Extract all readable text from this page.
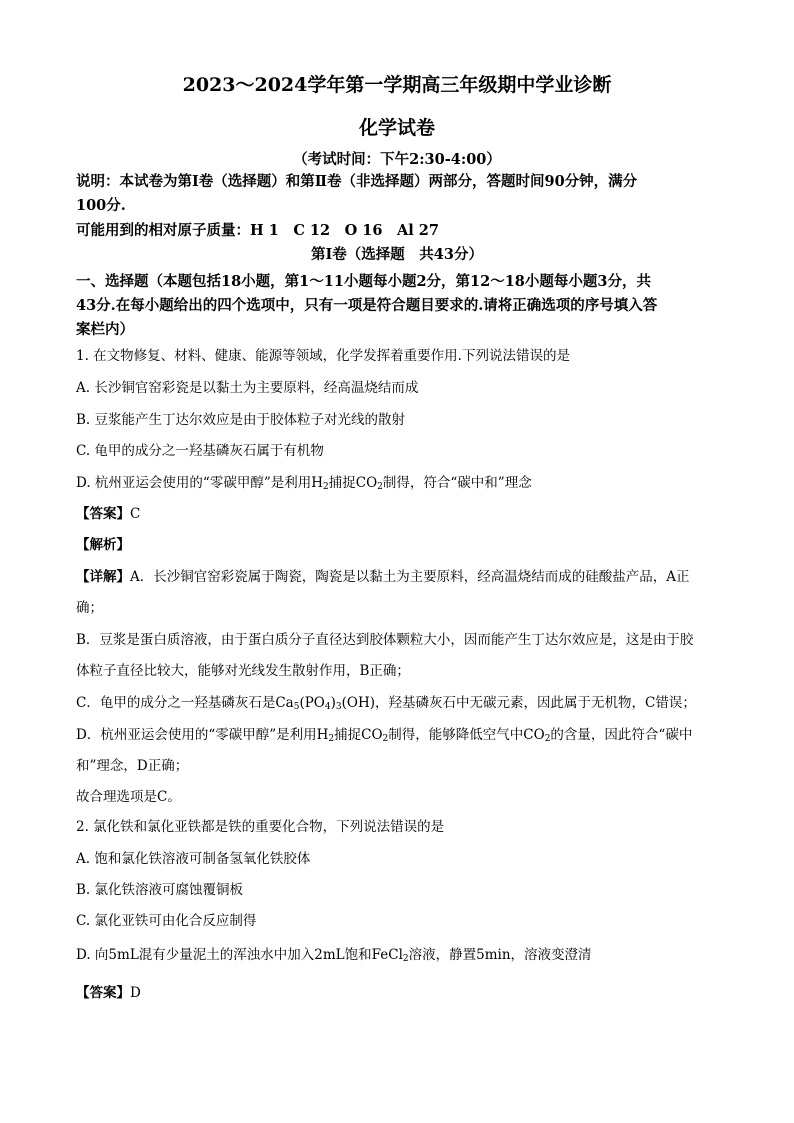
2023～2024学年第一学期高三年级期中学业诊断
化学试卷
（考试时间：下午2:30-4:00）
说明：本试卷为第Ⅰ卷（选择题）和第Ⅱ卷（非选择题）两部分，答题时间90分钟，满分
100分.
可能用到的相对原子质量：H 1　C 12　O 16　Al 27
第Ⅰ卷（选择题　共43分）
一、选择题（本题包括18小题，第1～11小题每小题2分，第12～18小题每小题3分，共
43分.在每小题给出的四个选项中，只有一项是符合题目要求的.请将正确选项的序号填入答
案栏内）
1. 在文物修复、材料、健康、能源等领域，化学发挥着重要作用.下列说法错误的是
A. 长沙铜官窑彩瓷是以黏土为主要原料，经高温烧结而成
B. 豆浆能产生丁达尔效应是由于胶体粒子对光线的散射
C. 龟甲的成分之一羟基磷灰石属于有机物
D. 杭州亚运会使用的“零碳甲醇”是利用$H_2$捕捉$CO_2$制得，符合“碳中和”理念
【答案】C
【解析】
【详解】A．长沙铜官窑彩瓷属于陶瓷，陶瓷是以黏土为主要原料，经高温烧结而成的硅酸盐产品，A正
确；
B．豆浆是蛋白质溶液，由于蛋白质分子直径达到胶体颗粒大小，因而能产生丁达尔效应是，这是由于胶
体粒子直径比较大，能够对光线发生散射作用，B正确；
C．龟甲的成分之一羟基磷灰石是$Ca_5(PO_4)_3(OH)$，羟基磷灰石中无碳元素，因此属于无机物，C错误；
D．杭州亚运会使用的“零碳甲醇”是利用$H_2$捕捉$CO_2$制得，能够降低空气中$CO_2$的含量，因此符合“碳中
和”理念，D正确；
故合理选项是C。
2. 氯化铁和氯化亚铁都是铁的重要化合物，下列说法错误的是
A. 饱和氯化铁溶液可制备氢氧化铁胶体
B. 氯化铁溶液可腐蚀覆铜板
C. 氯化亚铁可由化合反应制得
D. 向5mL混有少量泥土的浑浊水中加入2mL饱和FeCl$_2$溶液，静置5min，溶液变澄清
【答案】D
